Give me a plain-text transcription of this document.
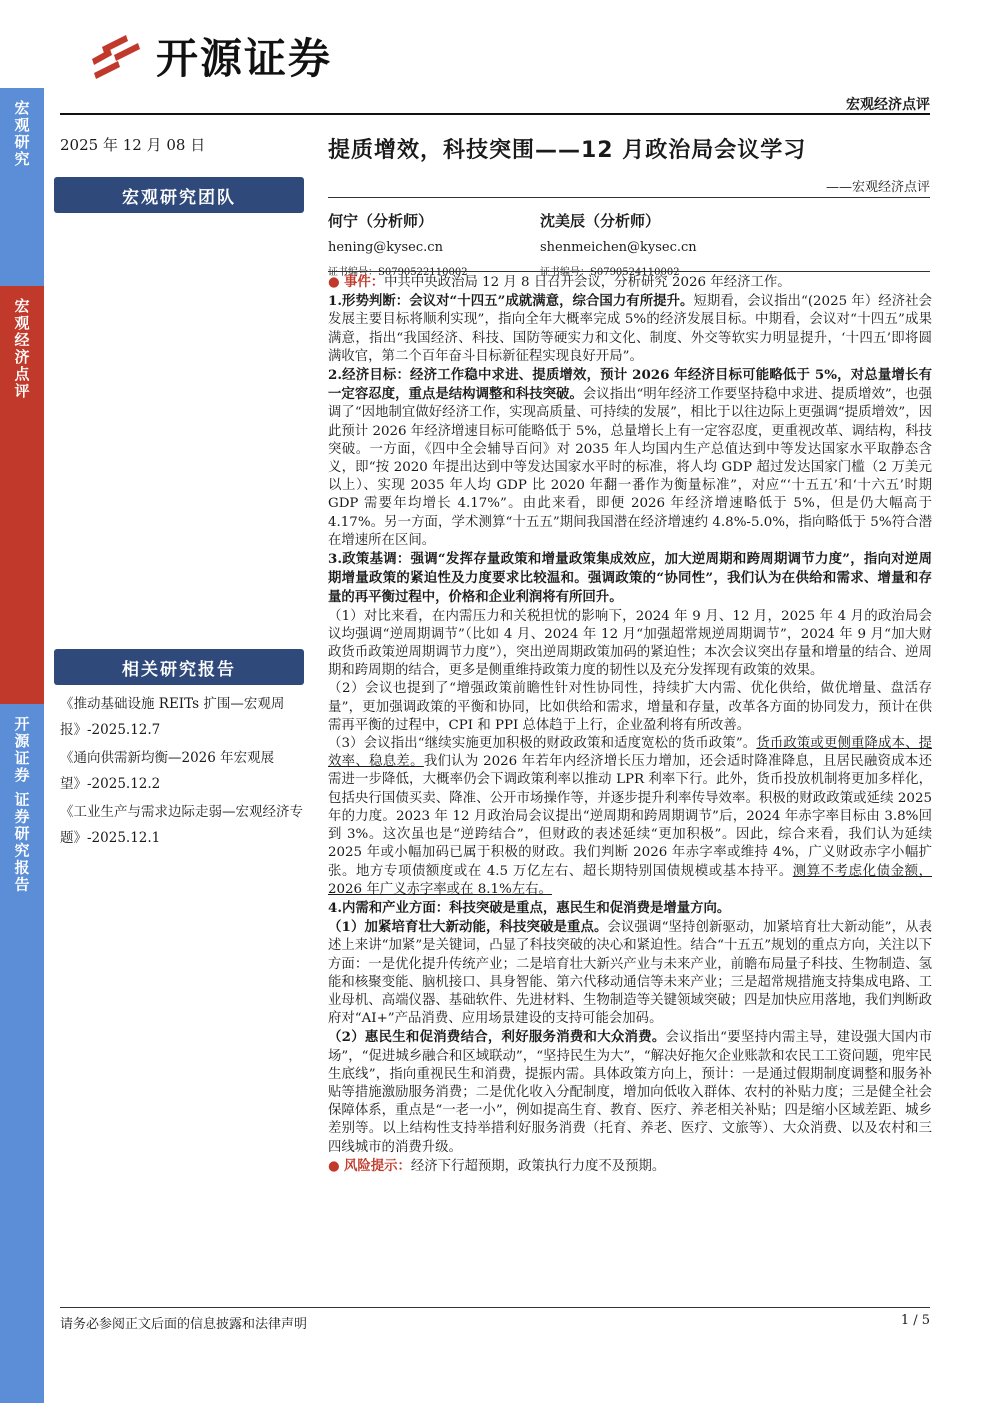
宏观研究
宏观经济点评
开源证券 证券研究报告
开源证券
宏观经济点评
2025 年 12 月 08 日
宏观研究团队
相关研究报告
《推动基础设施 REITs 扩围—宏观周报》-2025.12.7
《通向供需新均衡—2026 年宏观展望》-2025.12.2
《工业生产与需求边际走弱—宏观经济专题》-2025.12.1
提质增效，科技突围——12 月政治局会议学习
——宏观经济点评
何宁（分析师）
hening@kysec.cn
证书编号：S0790522110002
沈美辰（分析师）
shenmeichen@kysec.cn
证书编号：S0790524110002

● 事件：中共中央政治局 12 月 8 日召开会议，分析研究 2026 年经济工作。

1.形势判断：会议对“十四五”成就满意，综合国力有所提升。短期看，会议指出“(2025 年）经济社会发展主要目标将顺利实现”，指向全年大概率完成 5%的经济发展目标。中期看，会议对“十四五”成果满意，指出“我国经济、科技、国防等硬实力和文化、制度、外交等软实力明显提升，‘十四五’即将圆满收官，第二个百年奋斗目标新征程实现良好开局”。

2.经济目标：经济工作稳中求进、提质增效，预计 2026 年经济目标可能略低于 5%，对总量增长有一定容忍度，重点是结构调整和科技突破。会议指出“明年经济工作要坚持稳中求进、提质增效”，也强调了“因地制宜做好经济工作，实现高质量、可持续的发展”，相比于以往边际上更强调“提质增效”，因此预计 2026 年经济增速目标可能略低于 5%，总量增长上有一定容忍度，更重视改革、调结构，科技突破。一方面，《四中全会辅导百问》对 2035 年人均国内生产总值达到中等发达国家水平取静态含义，即“按 2020 年提出达到中等发达国家水平时的标准，将人均 GDP 超过发达国家门槛（2 万美元以上）、实现 2035 年人均 GDP 比 2020 年翻一番作为衡量标准”，对应“‘十五五’和‘十六五’时期 GDP 需要年均增长 4.17%”。由此来看，即便 2026 年经济增速略低于 5%，但是仍大幅高于 4.17%。另一方面，学术测算“十五五”期间我国潜在经济增速约 4.8%-5.0%，指向略低于 5%符合潜在增速所在区间。

3.政策基调：强调“发挥存量政策和增量政策集成效应，加大逆周期和跨周期调节力度”，指向对逆周期增量政策的紧迫性及力度要求比较温和。强调政策的“协同性”，我们认为在供给和需求、增量和存量的再平衡过程中，价格和企业利润将有所回升。

（1）对比来看，在内需压力和关税担忧的影响下，2024 年 9 月、12 月，2025 年 4 月的政治局会议均强调“逆周期调节”（比如 4 月、2024 年 12 月“加强超常规逆周期调节”，2024 年 9 月“加大财政货币政策逆周期调节力度”），突出逆周期政策加码的紧迫性；本次会议突出存量和增量的结合、逆周期和跨周期的结合，更多是侧重维持政策力度的韧性以及充分发挥现有政策的效果。

（2）会议也提到了“增强政策前瞻性针对性协同性，持续扩大内需、优化供给，做优增量、盘活存量”，更加强调政策的平衡和协同，比如供给和需求，增量和存量，改革各方面的协同发力，预计在供需再平衡的过程中，CPI 和 PPI 总体趋于上行，企业盈利将有所改善。

（3）会议指出“继续实施更加积极的财政政策和适度宽松的货币政策”。货币政策或更侧重降成本、提效率、稳息差。我们认为 2026 年若年内经济增长压力增加，还会适时降准降息，且居民融资成本还需进一步降低，大概率仍会下调政策利率以推动 LPR 利率下行。此外，货币投放机制将更加多样化，包括央行国债买卖、降准、公开市场操作等，并逐步提升利率传导效率。积极的财政政策或延续 2025 年的力度。2023 年 12 月政治局会议提出“逆周期和跨周期调节”后，2024 年赤字率目标由 3.8%回到 3%。这次虽也是“逆跨结合”，但财政的表述延续“更加积极”。因此，综合来看，我们认为延续 2025 年或小幅加码已属于积极的财政。我们判断 2026 年赤字率或维持 4%，广义财政赤字小幅扩张。地方专项债额度或在 4.5 万亿左右、超长期特别国债规模或基本持平。测算不考虑化债金额，2026 年广义赤字率或在 8.1%左右。

4.内需和产业方面：科技突破是重点，惠民生和促消费是增量方向。

（1）加紧培育壮大新动能，科技突破是重点。会议强调“坚持创新驱动，加紧培育壮大新动能”，从表述上来讲“加紧”是关键词，凸显了科技突破的决心和紧迫性。结合“十五五”规划的重点方向，关注以下方面：一是优化提升传统产业；二是培育壮大新兴产业与未来产业，前瞻布局量子科技、生物制造、氢能和核聚变能、脑机接口、具身智能、第六代移动通信等未来产业；三是超常规措施支持集成电路、工业母机、高端仪器、基础软件、先进材料、生物制造等关键领域突破；四是加快应用落地，我们判断政府对“AI+”产品消费、应用场景建设的支持可能会加码。

（2）惠民生和促消费结合，利好服务消费和大众消费。会议指出“要坚持内需主导，建设强大国内市场”，“促进城乡融合和区域联动”，“坚持民生为大”，“解决好拖欠企业账款和农民工工资问题，兜牢民生底线”，指向重视民生和消费，提振内需。具体政策方向上，预计：一是通过假期制度调整和服务补贴等措施激励服务消费；二是优化收入分配制度，增加向低收入群体、农村的补贴力度；三是健全社会保障体系，重点是“一老一小”，例如提高生育、教育、医疗、养老相关补贴；四是缩小区域差距、城乡差别等。以上结构性支持举措利好服务消费（托育、养老、医疗、文旅等）、大众消费、以及农村和三四线城市的消费升级。

● 风险提示：经济下行超预期，政策执行力度不及预期。

请务必参阅正文后面的信息披露和法律声明	1 / 5
